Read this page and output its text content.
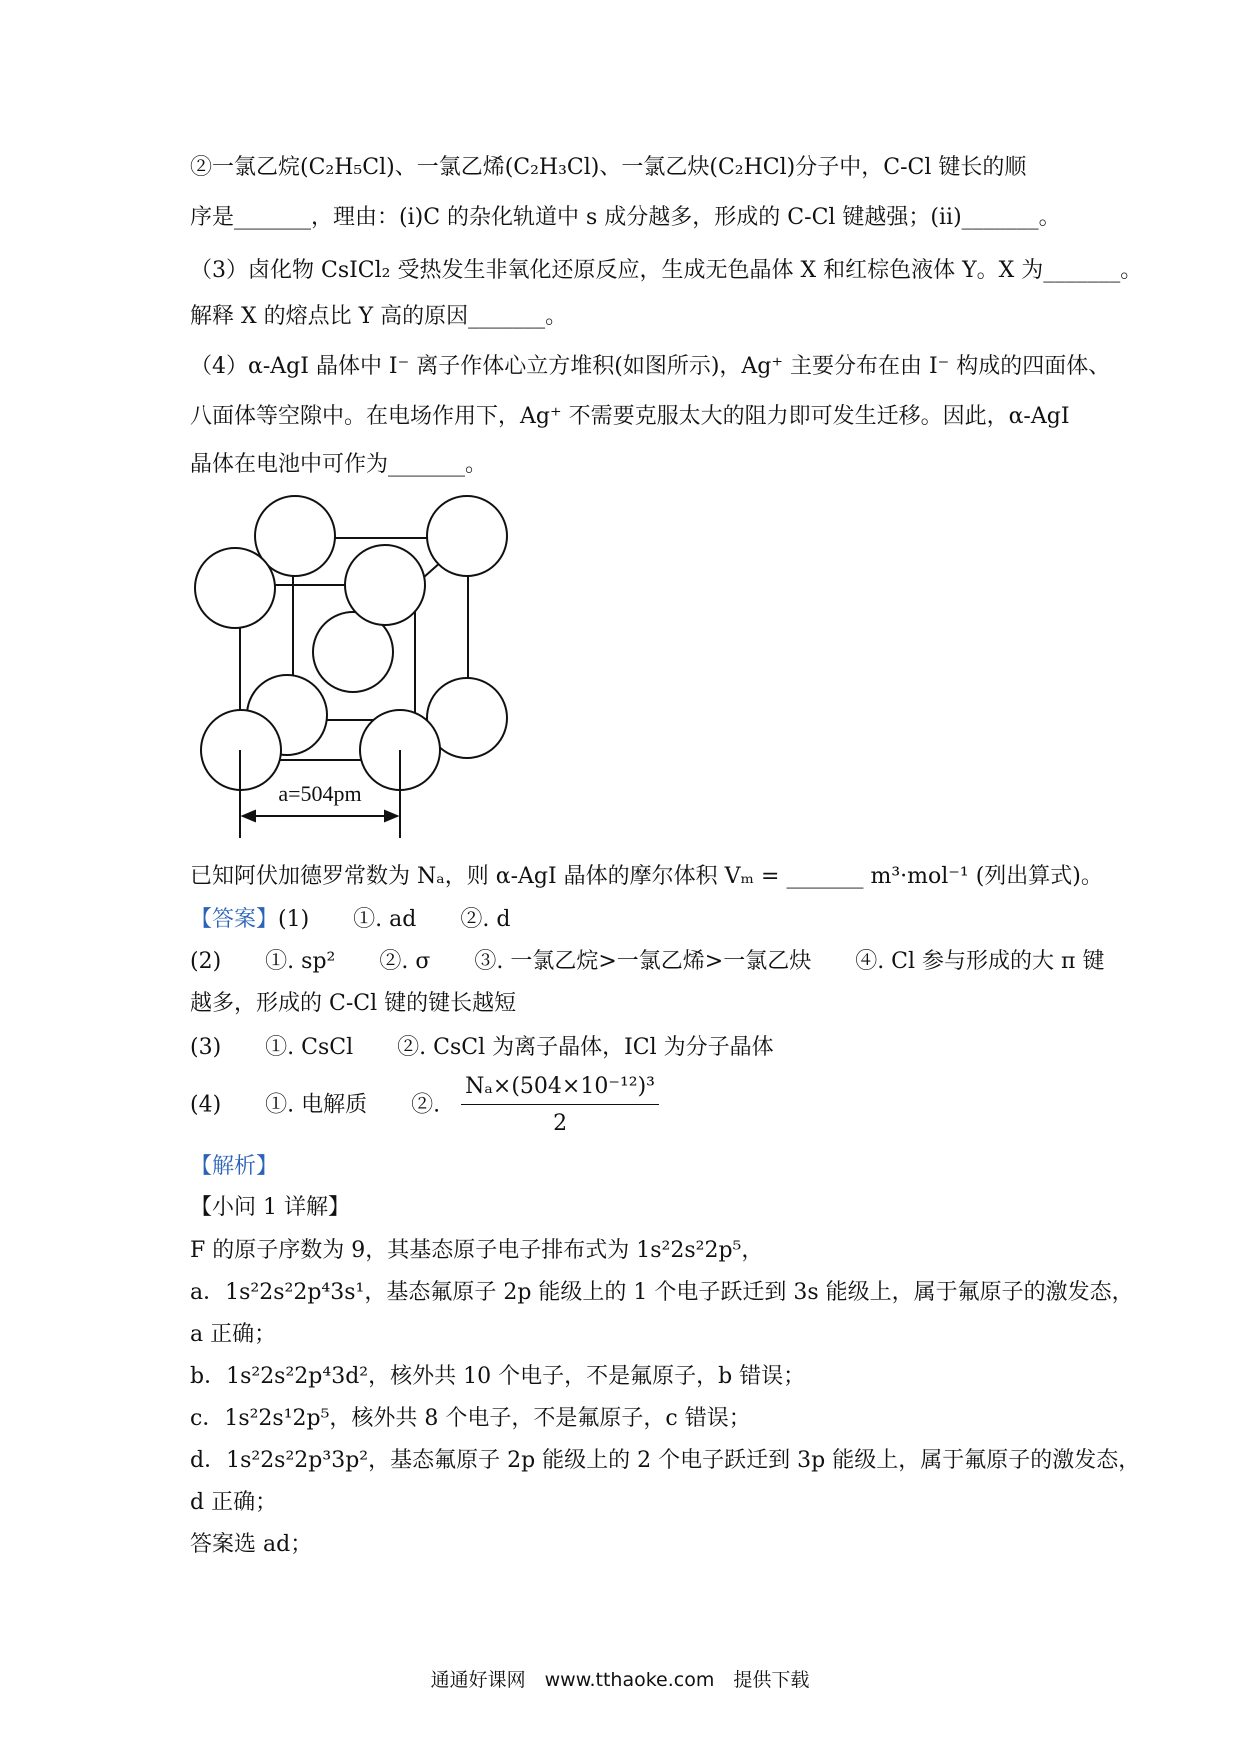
②一氯乙烷(C₂H₅Cl)、一氯乙烯(C₂H₃Cl)、一氯乙炔(C₂HCl)分子中，C-Cl 键长的顺
序是_______，理由：(i)C 的杂化轨道中 s 成分越多，形成的 C-Cl 键越强；(ii)_______。
（3）卤化物 CsICl₂ 受热发生非氧化还原反应，生成无色晶体 X 和红棕色液体 Y。X 为_______。
解释 X 的熔点比 Y 高的原因_______。
（4）α-AgI 晶体中 I⁻ 离子作体心立方堆积(如图所示)，Ag⁺ 主要分布在由 I⁻ 构成的四面体、
八面体等空隙中。在电场作用下，Ag⁺ 不需要克服太大的阻力即可发生迁移。因此，α-AgI
晶体在电池中可作为_______。
a=504pm
已知阿伏加德罗常数为 Nₐ，则 α-AgI 晶体的摩尔体积 Vₘ = _______ m³·mol⁻¹ (列出算式)。
【答案】(1)　　①. ad　　②. d
(2)　　①. sp²　　②. σ　　③. 一氯乙烷>一氯乙烯>一氯乙炔　　④. Cl 参与形成的大 π 键
越多，形成的 C-Cl 键的键长越短
(3)　　①. CsCl　　②. CsCl 为离子晶体，ICl 为分子晶体
(4)　　①. 电解质　　②. $\frac{\text{Nₐ×(504×10⁻¹²)³}}{2}$
【解析】
【小问 1 详解】
F 的原子序数为 9，其基态原子电子排布式为 1s²2s²2p⁵，
a．1s²2s²2p⁴3s¹，基态氟原子 2p 能级上的 1 个电子跃迁到 3s 能级上，属于氟原子的激发态，
a 正确；
b．1s²2s²2p⁴3d²，核外共 10 个电子，不是氟原子，b 错误；
c．1s²2s¹2p⁵，核外共 8 个电子，不是氟原子，c 错误；
d．1s²2s²2p³3p²，基态氟原子 2p 能级上的 2 个电子跃迁到 3p 能级上，属于氟原子的激发态，
d 正确；
答案选 ad；
通通好课网　www.tthaoke.com　提供下载
